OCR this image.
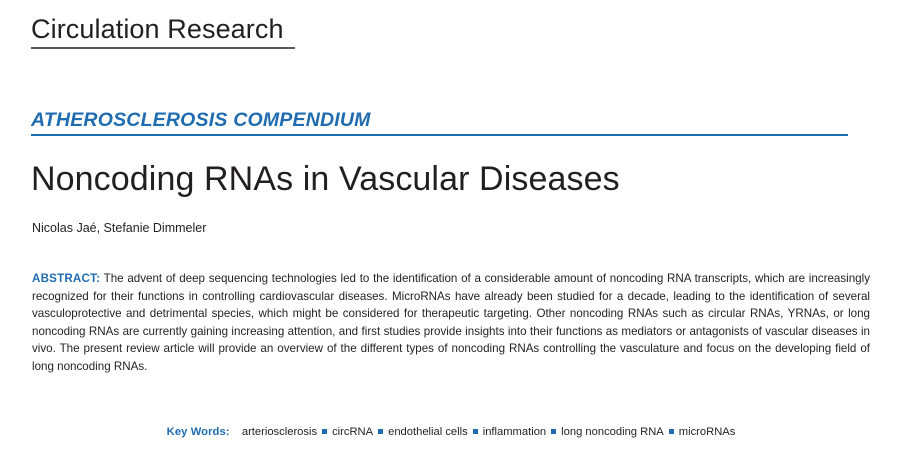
Circulation Research
ATHEROSCLEROSIS COMPENDIUM
Noncoding RNAs in Vascular Diseases
Nicolas Jaé, Stefanie Dimmeler
ABSTRACT: The advent of deep sequencing technologies led to the identification of a considerable amount of noncoding RNA transcripts, which are increasingly recognized for their functions in controlling cardiovascular diseases. MicroRNAs have already been studied for a decade, leading to the identification of several vasculoprotective and detrimental species, which might be considered for therapeutic targeting. Other noncoding RNAs such as circular RNAs, YRNAs, or long noncoding RNAs are currently gaining increasing attention, and first studies provide insights into their functions as mediators or antagonists of vascular diseases in vivo. The present review article will provide an overview of the different types of noncoding RNAs controlling the vasculature and focus on the developing field of long noncoding RNAs.
Key Words: arteriosclerosis circRNA endothelial cells inflammation long noncoding RNA microRNAs
